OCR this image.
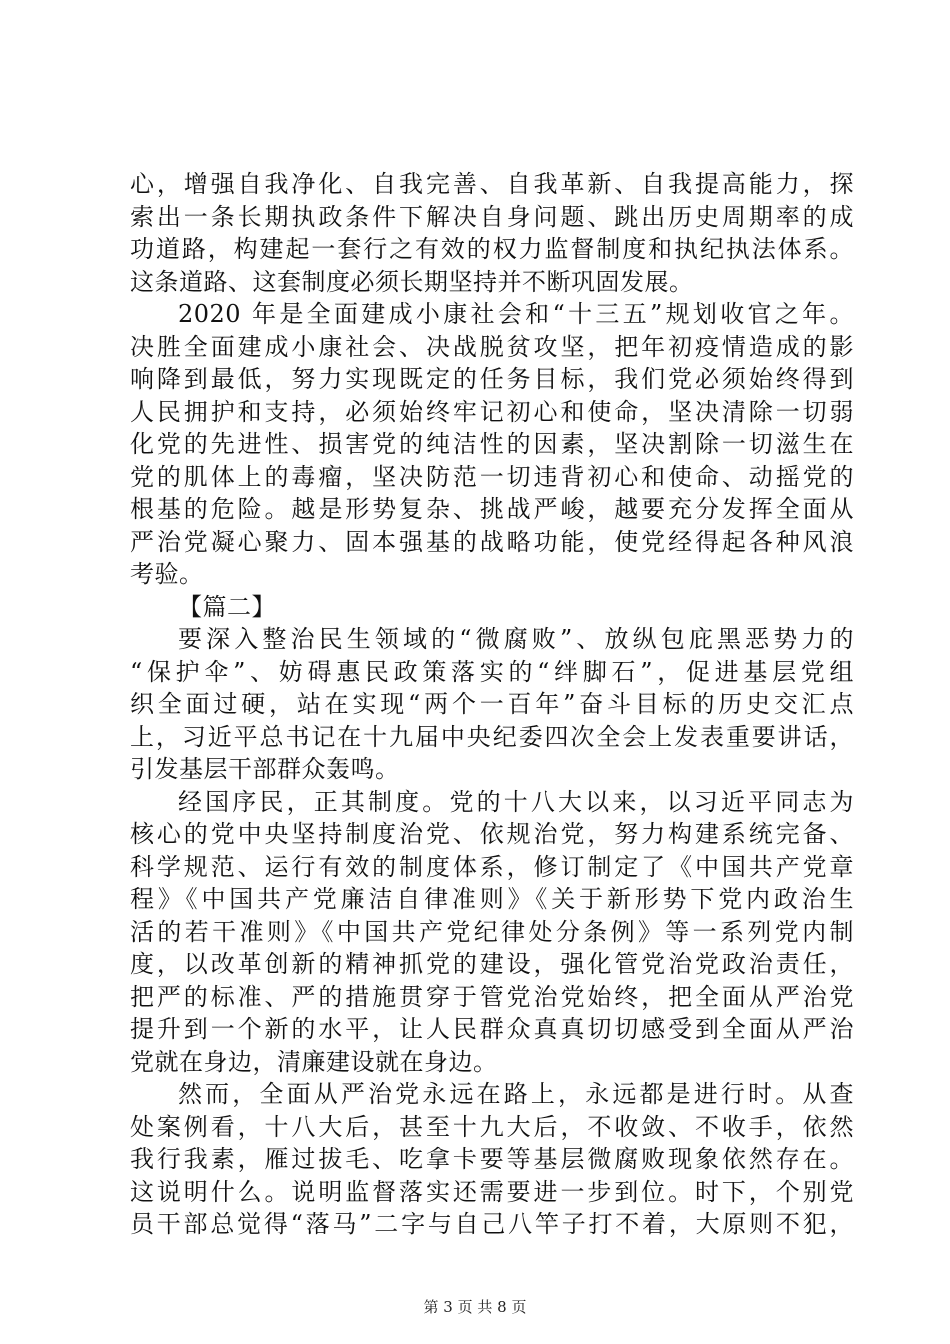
心，增强自我净化、自我完善、自我革新、自我提高能力，探
索出一条长期执政条件下解决自身问题、跳出历史周期率的成
功道路，构建起一套行之有效的权力监督制度和执纪执法体系。
这条道路、这套制度必须长期坚持并不断巩固发展。
2020 年是全面建成小康社会和“十三五”规划收官之年。
决胜全面建成小康社会、决战脱贫攻坚，把年初疫情造成的影
响降到最低，努力实现既定的任务目标，我们党必须始终得到
人民拥护和支持，必须始终牢记初心和使命，坚决清除一切弱
化党的先进性、损害党的纯洁性的因素，坚决割除一切滋生在
党的肌体上的毒瘤，坚决防范一切违背初心和使命、动摇党的
根基的危险。越是形势复杂、挑战严峻，越要充分发挥全面从
严治党凝心聚力、固本强基的战略功能，使党经得起各种风浪
考验。
【篇二】
要深入整治民生领域的“微腐败”、放纵包庇黑恶势力的
“保护伞”、妨碍惠民政策落实的“绊脚石”，促进基层党组
织全面过硬，站在实现“两个一百年”奋斗目标的历史交汇点
上，习近平总书记在十九届中央纪委四次全会上发表重要讲话，
引发基层干部群众轰鸣。
经国序民，正其制度。党的十八大以来，以习近平同志为
核心的党中央坚持制度治党、依规治党，努力构建系统完备、
科学规范、运行有效的制度体系，修订制定了《中国共产党章
程》《中国共产党廉洁自律准则》《关于新形势下党内政治生
活的若干准则》《中国共产党纪律处分条例》等一系列党内制
度，以改革创新的精神抓党的建设，强化管党治党政治责任，
把严的标准、严的措施贯穿于管党治党始终，把全面从严治党
提升到一个新的水平，让人民群众真真切切感受到全面从严治
党就在身边，清廉建设就在身边。
然而，全面从严治党永远在路上，永远都是进行时。从查
处案例看，十八大后，甚至十九大后，不收敛、不收手，依然
我行我素，雁过拔毛、吃拿卡要等基层微腐败现象依然存在。
这说明什么。说明监督落实还需要进一步到位。时下，个别党
员干部总觉得“落马”二字与自己八竿子打不着，大原则不犯，
第 3 页 共 8 页
